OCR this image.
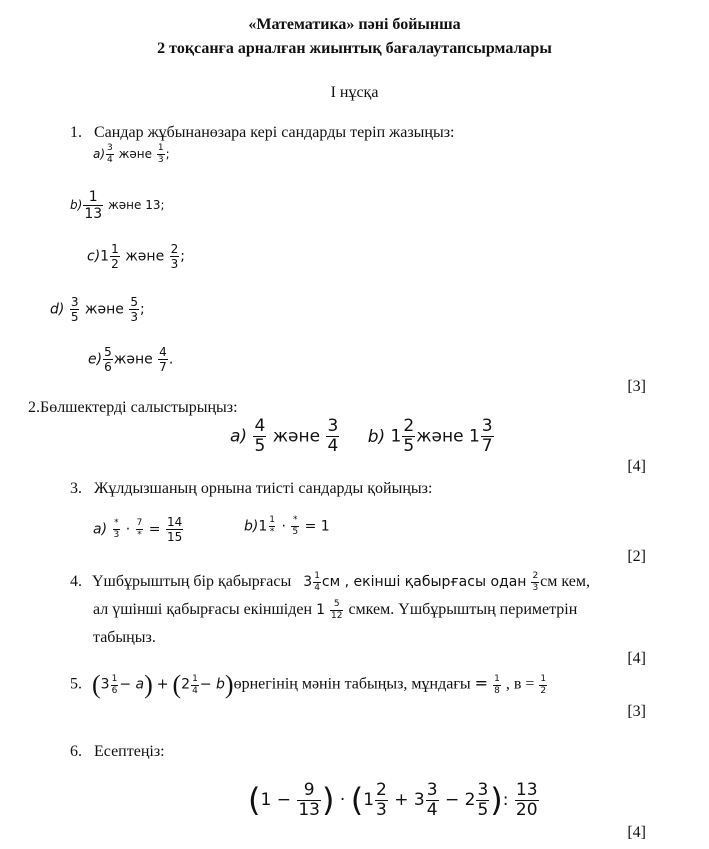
«Математика» пәні бойынша
2 тоқсанға арналған жиынтық бағалаутапсырмалары
І нұсқа
1. Сандар жұбынанөзара кері сандарды теріп жазыңыз:
$a) \frac{3}{4}$ және $\frac{1}{3}$ ;
$b) \frac{1}{13}$ және 13;
$c)1 \frac{1}{2}$ және $\frac{2}{3}$ ;
$d) \frac{3}{5}$ және $\frac{5}{3}$ ;
$e) \frac{5}{6}$ және $\frac{4}{7}$ .
[3]
2.Бөлшектерді салыстырыңыз:
$a) \frac{4}{5}$ және $\frac{3}{4} b$) $1 \frac{2}{5}$ және $1 \frac{3}{7}$
[4]
3. Жұлдызшаның орнына тиісті сандарды қойыңыз:
$a) \frac{*}{3} \cdot \frac{7}{*} = \frac{14}{15}$	$b)1 \frac{1}{*} \cdot \frac{*}{5} = 1$
[2]
4. Үшбұрыштың бір қабырғасы $3 \frac{1}{4}$ см , екінші қабырғасы одан $\frac{2}{3}$ см кем,
ал үшінші қабырғасы екіншіден $1 \frac{5}{12}$ смкем. Үшбұрыштың периметрін
табыңыз.
[4]
5. $(3 \frac{1}{6} - a) + (2 \frac{1}{4}$ − b)өрнегінің мәнін табыңыз, мұндағы = $\frac{1}{8}$ , $в = \frac{1}{2}$
[3]
6. Есептеңіз:
($1 - \frac{9}{13}$ ) · ($1 \frac{2}{3} + 3 \frac{3}{4} - 2 \frac{3}{5}$ ): $\frac{13}{20}$
[4]
